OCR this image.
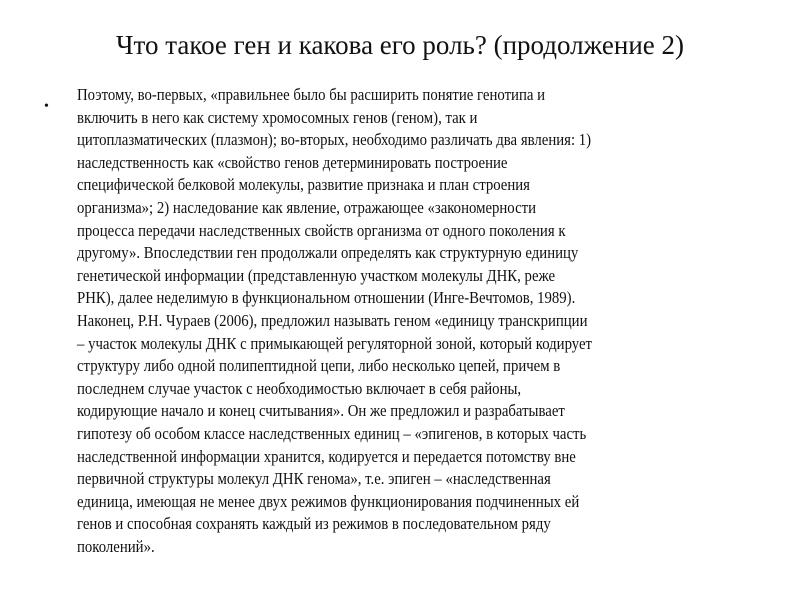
Что такое ген и какова его роль? (продолжение 2)
•
Поэтому, во-первых, «правильнее было бы расширить понятие генотипа и
включить в него как систему хромосомных генов (геном), так и
цитоплазматических (плазмон); во-вторых, необходимо различать два явления: 1)
наследственность как «свойство генов детерминировать построение
специфической белковой молекулы, развитие признака и план строения
организма»; 2) наследование как явление, отражающее «закономерности
процесса передачи наследственных свойств организма от одного поколения к
другому». Впоследствии ген продолжали определять как структурную единицу
генетической информации (представленную участком молекулы ДНК, реже
РНК), далее неделимую в функциональном отношении (Инге-Вечтомов, 1989).
Наконец, Р.Н. Чураев (2006), предложил называть геном «единицу транскрипции
– участок молекулы ДНК с примыкающей регуляторной зоной, который кодирует
структуру либо одной полипептидной цепи, либо несколько цепей, причем в
последнем случае участок с необходимостью включает в себя районы,
кодирующие начало и конец считывания». Он же предложил и разрабатывает
гипотезу об особом классе наследственных единиц – «эпигенов, в которых часть
наследственной информации хранится, кодируется и передается потомству вне
первичной структуры молекул ДНК генома», т.е. эпиген – «наследственная
единица, имеющая не менее двух режимов функционирования подчиненных ей
генов и способная сохранять каждый из режимов в последовательном ряду
поколений».
